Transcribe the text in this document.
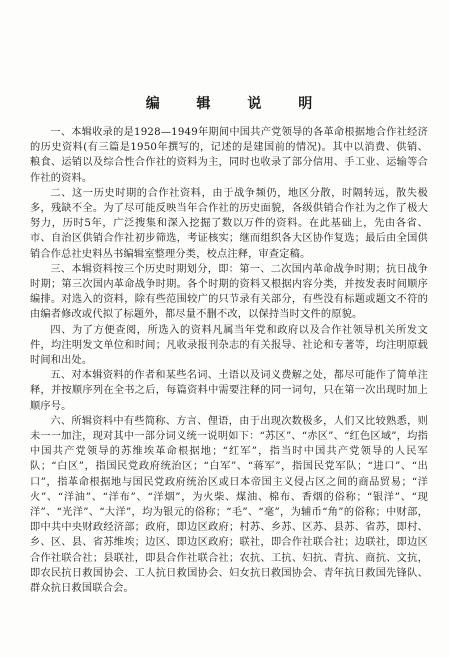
编 辑 说 明

一、本辑收录的是1928—1949年期间中国共产党领导的各革命根据地合作社经济的历史资料(有三篇是1950年撰写的，记述的是建国前的情况)。其中以消费、供销、粮食、运销以及综合性合作社的资料为主，同时也收录了部分信用、手工业、运输等合作社的资料。

二、这一历史时期的合作社资料，由于战争频仍，地区分散，时隔转远，散失极多，残缺不全。为了尽可能反映当年合作社的历史面貌，各级供销合作社为之作了极大努力，历时5年，广泛搜集和深入挖掘了数以万件的资料。在此基础上，先由各省、市、自治区供销合作社初步筛选，考证核实；继而组织各大区协作复选；最后由全国供销合作总社史料丛书编辑室整理分类，校点注释，审查定稿。

三、本辑资料按三个历史时期划分，即：第一、二次国内革命战争时期；抗日战争时期；第三次国内革命战争时期。各个时期的资料又根据内容分类，并按发表时间顺序编排。对选入的资料，除有些范围较广的只节录有关部分，有些没有标题或题文不符的由编者修改或代拟了标题外，都尽量不删不改，以保持当时文件的原貌。

四、为了方便查阅，所选入的资料凡属当年党和政府以及合作社领导机关所发文件，均注明发文单位和时间；凡收录报刊杂志的有关报导、社论和专著等，均注明原载时间和出处。

五、对本辑资料的作者和某些名词、土语以及词义费解之处，都尽可能作了简单注释，并按顺序列在全书之后，每篇资料中需要注释的同一词句，只在第一次出现时加上顺序号。

六、所辑资料中有些简称、方言、俚语，由于出现次数极多，人们又比较熟悉，则未一一加注，现对其中一部分词义统一说明如下：“苏区”、“赤区”、“红色区域”，均指中国共产党领导的苏维埃革命根据地；“红军”，指当时中国共产党领导的人民军队；“白区”，指国民党政府统治区；“白军”、“蒋军”，指国民党军队；“进口”、“出口”，指革命根据地与国民党政府统治区或日本帝国主义侵占区之间的商品贸易；“洋火”、“洋油”、“洋布”、“洋烟”，为火柴、煤油、棉布、香烟的俗称；“银洋”、“现洋”、“光洋”、“大洋”，均为银元的俗称；“毛”、“毫”，为辅币“角”的俗称；中财部，即中共中央财政经济部；政府，即边区政府；村苏、乡苏、区苏、县苏、省苏，即村、乡、区、县、省苏维埃；边区、即边区政府；联社，即合作社联合社；边联社，即边区合作社联合社；县联社，即县合作社联合社；农抗、工抗、妇抗、青抗、商抗、文抗，即农民抗日救国协会、工人抗日救国协会、妇女抗日救国协会、青年抗日救国先锋队、群众抗日救国联合会。
